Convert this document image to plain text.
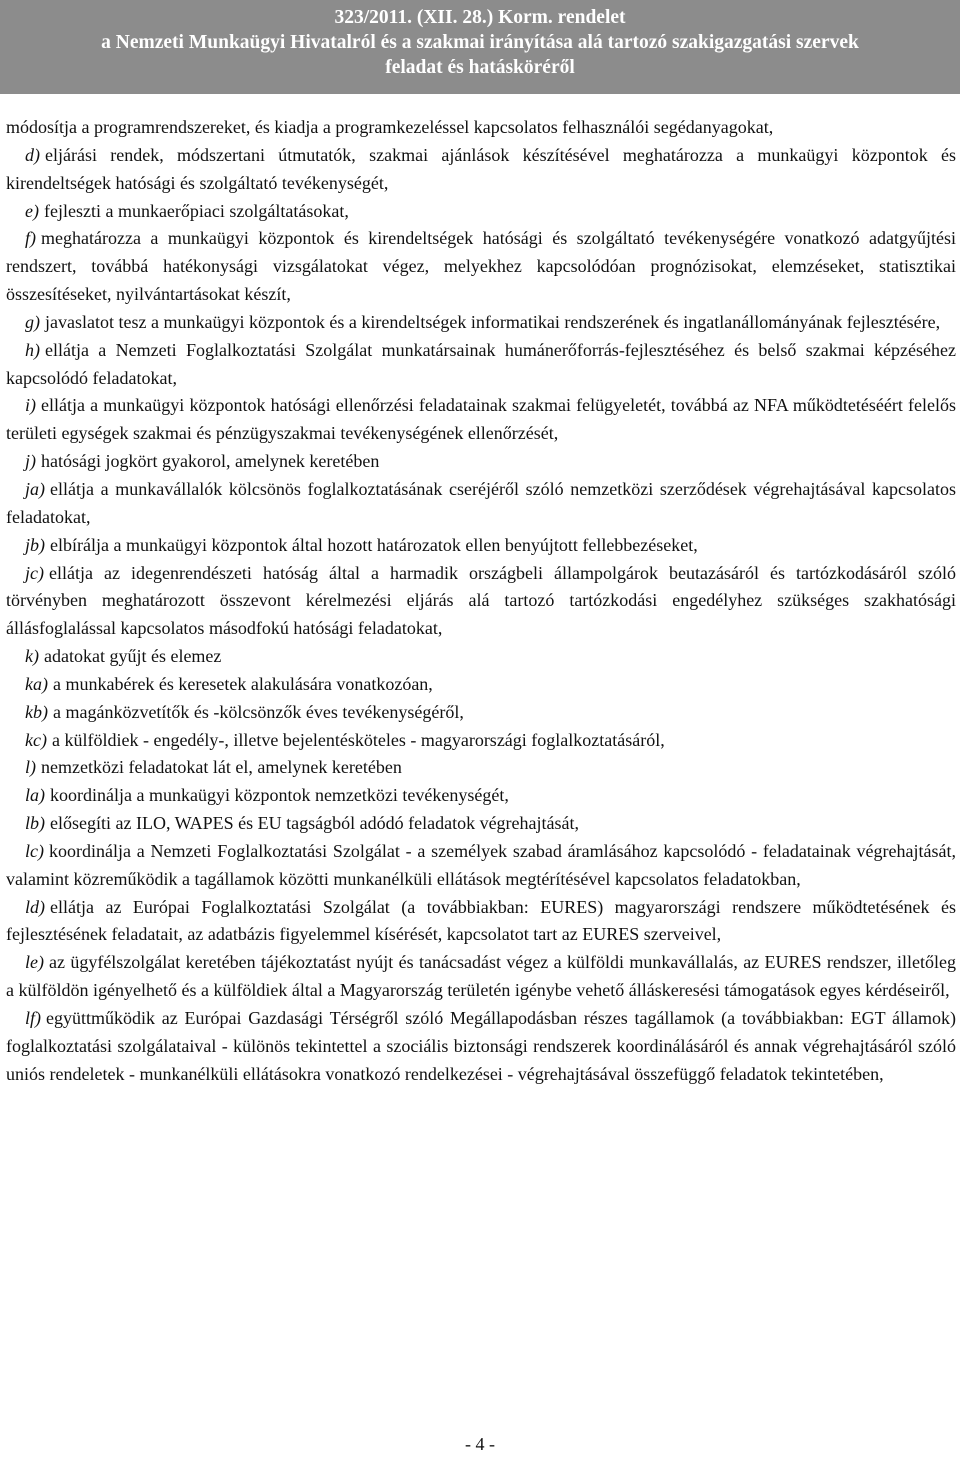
323/2011. (XII. 28.) Korm. rendelet
a Nemzeti Munkaügyi Hivatalról és a szakmai irányítása alá tartozó szakigazgatási szervek
feladat és hatásköréről

módosítja a programrendszereket, és kiadja a programkezeléssel kapcsolatos felhasználói segédanyagokat,

d) eljárási rendek, módszertani útmutatók, szakmai ajánlások készítésével meghatározza a munkaügyi központok és kirendeltségek hatósági és szolgáltató tevékenységét,

e) fejleszti a munkaerőpiaci szolgáltatásokat,

f) meghatározza a munkaügyi központok és kirendeltségek hatósági és szolgáltató tevékenységére vonatkozó adatgyűjtési rendszert, továbbá hatékonysági vizsgálatokat végez, melyekhez kapcsolódóan prognózisokat, elemzéseket, statisztikai összesítéseket, nyilvántartásokat készít,

g) javaslatot tesz a munkaügyi központok és a kirendeltségek informatikai rendszerének és ingatlanállományának fejlesztésére,

h) ellátja a Nemzeti Foglalkoztatási Szolgálat munkatársainak humánerőforrás-fejlesztéséhez és belső szakmai képzéséhez kapcsolódó feladatokat,

i) ellátja a munkaügyi központok hatósági ellenőrzési feladatainak szakmai felügyeletét, továbbá az NFA működtetéséért felelős területi egységek szakmai és pénzügyszakmai tevékenységének ellenőrzését,

j) hatósági jogkört gyakorol, amelynek keretében

ja) ellátja a munkavállalók kölcsönös foglalkoztatásának cseréjéről szóló nemzetközi szerződések végrehajtásával kapcsolatos feladatokat,

jb) elbírálja a munkaügyi központok által hozott határozatok ellen benyújtott fellebbezéseket,

jc) ellátja az idegenrendészeti hatóság által a harmadik országbeli állampolgárok beutazásáról és tartózkodásáról szóló törvényben meghatározott összevont kérelmezési eljárás alá tartozó tartózkodási engedélyhez szükséges szakhatósági állásfoglalással kapcsolatos másodfokú hatósági feladatokat,

k) adatokat gyűjt és elemez

ka) a munkabérek és keresetek alakulására vonatkozóan,

kb) a magánközvetítők és -kölcsönzők éves tevékenységéről,

kc) a külföldiek - engedély-, illetve bejelentésköteles - magyarországi foglalkoztatásáról,

l) nemzetközi feladatokat lát el, amelynek keretében

la) koordinálja a munkaügyi központok nemzetközi tevékenységét,

lb) elősegíti az ILO, WAPES és EU tagságból adódó feladatok végrehajtását,

lc) koordinálja a Nemzeti Foglalkoztatási Szolgálat - a személyek szabad áramlásához kapcsolódó - feladatainak végrehajtását, valamint közreműködik a tagállamok közötti munkanélküli ellátások megtérítésével kapcsolatos feladatokban,

ld) ellátja az Európai Foglalkoztatási Szolgálat (a továbbiakban: EURES) magyarországi rendszere működtetésének és fejlesztésének feladatait, az adatbázis figyelemmel kísérését, kapcsolatot tart az EURES szerveivel,

le) az ügyfélszolgálat keretében tájékoztatást nyújt és tanácsadást végez a külföldi munkavállalás, az EURES rendszer, illetőleg a külföldön igényelhető és a külföldiek által a Magyarország területén igénybe vehető álláskeresési támogatások egyes kérdéseiről,

lf) együttműködik az Európai Gazdasági Térségről szóló Megállapodásban részes tagállamok (a továbbiakban: EGT államok) foglalkoztatási szolgálataival - különös tekintettel a szociális biztonsági rendszerek koordinálásáról és annak végrehajtásáról szóló uniós rendeletek - munkanélküli ellátásokra vonatkozó rendelkezései - végrehajtásával összefüggő feladatok tekintetében,

- 4 -
